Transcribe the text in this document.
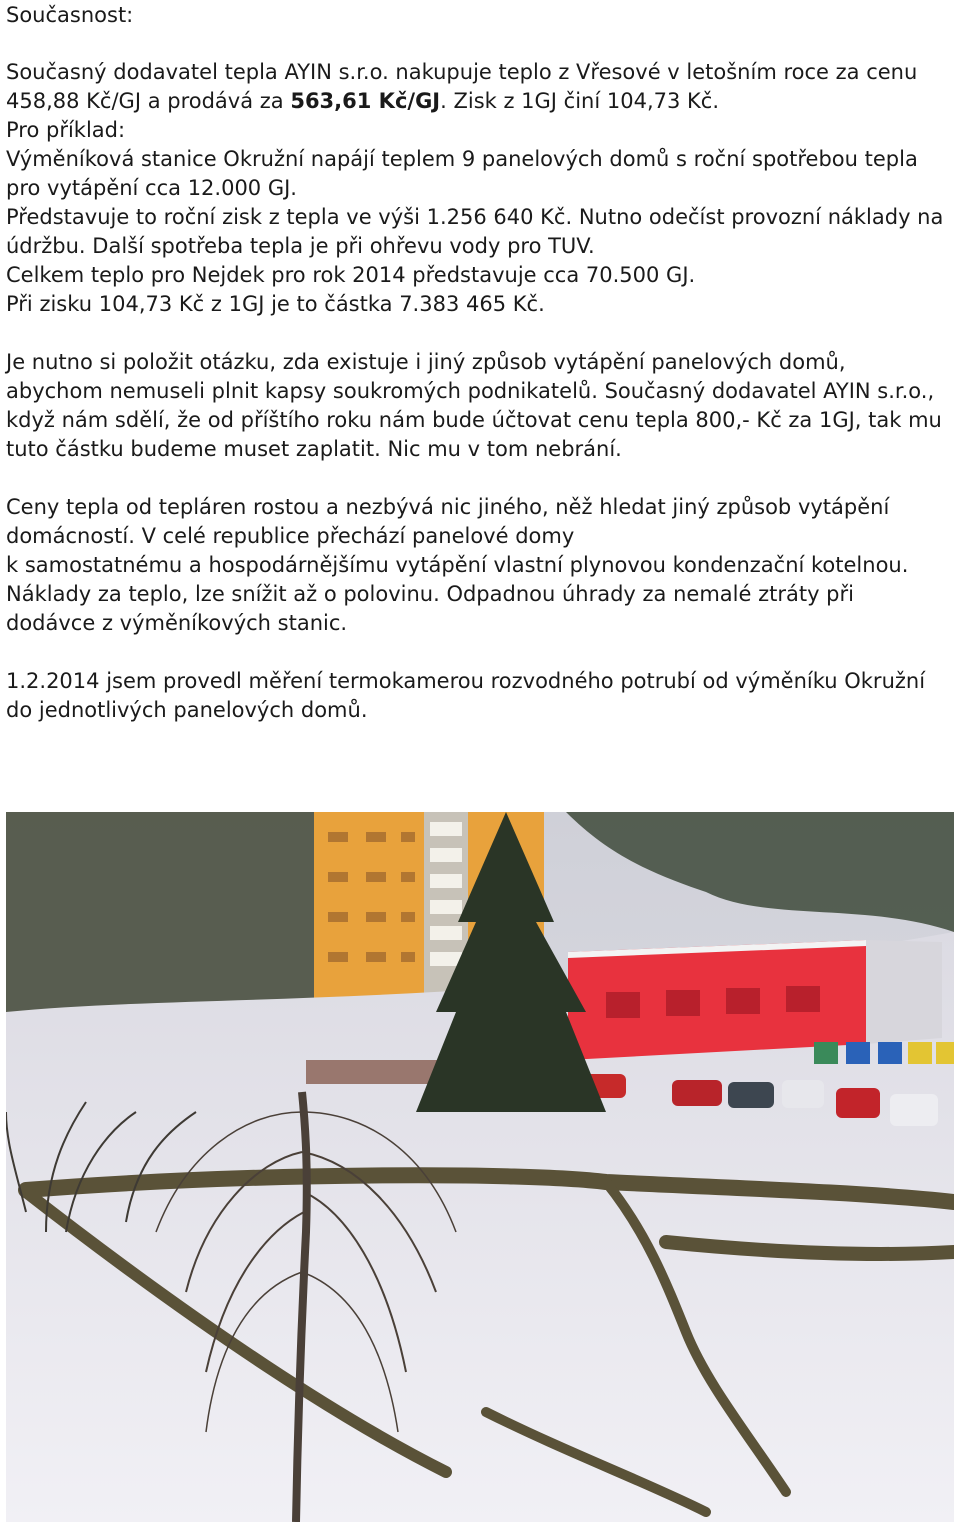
Současnost:

Současný dodavatel tepla AYIN s.r.o. nakupuje teplo z Vřesové v letošním roce za cenu 458,88 Kč/GJ a prodává za 563,61 Kč/GJ. Zisk z 1GJ činí 104,73 Kč.

Pro příklad:

Výměníková stanice Okružní napájí teplem 9 panelových domů s roční spotřebou tepla pro vytápění cca 12.000 GJ.

Představuje to roční zisk z tepla ve výši 1.256 640 Kč. Nutno odečíst provozní náklady na údržbu. Další spotřeba tepla je při ohřevu vody pro TUV.

Celkem teplo pro Nejdek pro rok 2014 představuje cca 70.500 GJ.

Při zisku 104,73 Kč z 1GJ je to částka 7.383 465 Kč.

Je nutno si položit otázku, zda existuje i jiný způsob vytápění panelových domů, abychom nemuseli plnit kapsy soukromých podnikatelů. Současný dodavatel AYIN s.r.o., když nám sdělí, že od příštího roku nám bude účtovat cenu tepla 800,- Kč za 1GJ, tak mu tuto částku budeme muset zaplatit. Nic mu v tom nebrání.

Ceny tepla od tepláren rostou a nezbývá nic jiného, něž hledat jiný způsob vytápění domácností. V celé republice přechází panelové domy

k samostatnému a hospodárnějšímu vytápění vlastní plynovou kondenzační kotelnou. Náklady za teplo, lze snížit až o polovinu. Odpadnou úhrady za nemalé ztráty při dodávce z výměníkových stanic.

1.2.2014 jsem provedl měření termokamerou rozvodného potrubí od výměníku Okružní do jednotlivých panelových domů.
